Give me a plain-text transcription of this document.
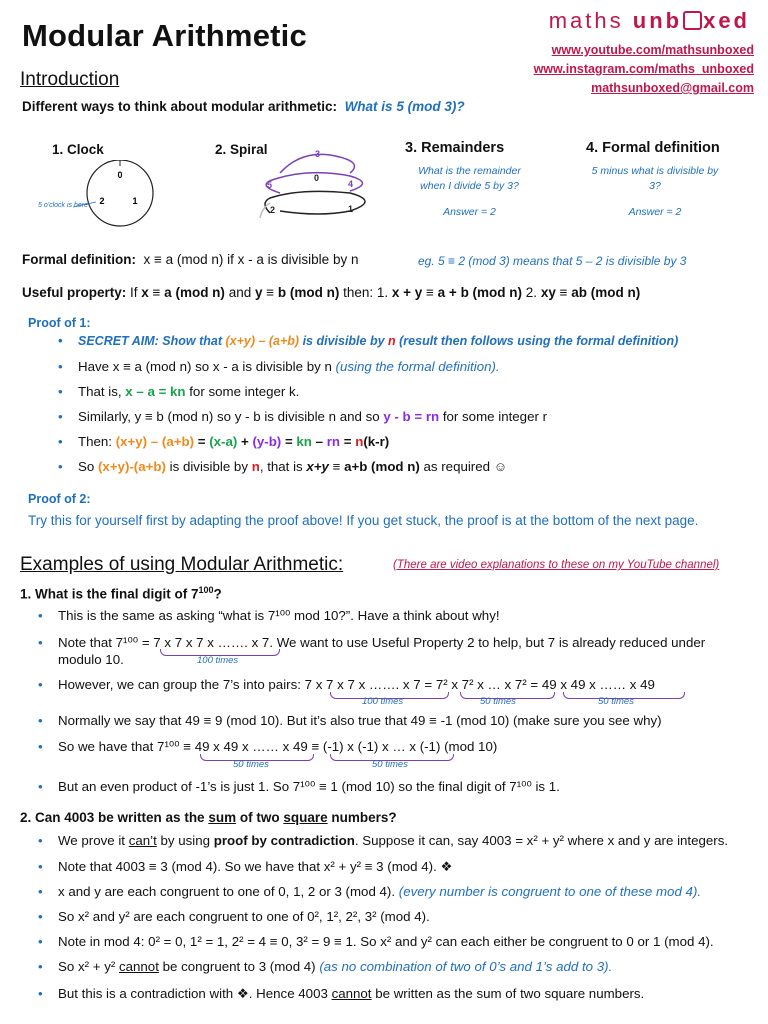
Modular Arithmetic	maths unb xed
www.youtube.com/mathsunboxed
www.instagram.com/maths_unboxed
mathsunboxed@gmail.com
Introduction
Different ways to think about modular arithmetic: What is 5 (mod 3)?
1. Clock	2. Spiral	3. Remainders	4. Formal definition
0
1
2
5 o'clock is here
3
0
5	4
2	1
What is the remainder when I divide 5 by 3?
Answer = 2
5 minus what is divisible by 3?
Answer = 2
Formal definition: x ≡ a (mod n) if x - a is divisible by n	eg. 5 ≡ 2 (mod 3) means that 5 – 2 is divisible by 3
Useful property: If x ≡ a (mod n) and y ≡ b (mod n) then: 1. x + y ≡ a + b (mod n) 2. xy ≡ ab (mod n)
Proof of 1:
• SECRET AIM: Show that (x+y) – (a+b) is divisible by n (result then follows using the formal definition)
• Have x ≡ a (mod n) so x - a is divisible by n (using the formal definition).
• That is, x – a = kn for some integer k.
• Similarly, y ≡ b (mod n) so y - b is divisible n and so y - b = rn for some integer r
• Then: (x+y) – (a+b) = (x-a) + (y-b) = kn – rn = n(k-r)
• So (x+y)-(a+b) is divisible by n, that is x+y ≡ a+b (mod n) as required ☺
Proof of 2:
Try this for yourself first by adapting the proof above! If you get stuck, the proof is at the bottom of the next page.
Examples of using Modular Arithmetic:	(There are video explanations to these on my YouTube channel)
1. What is the final digit of $7^{100}$?
• This is the same as asking “what is 7¹⁰⁰ mod 10?”. Have a think about why!
• Note that 7¹⁰⁰ = 7 x 7 x 7 x ……. x 7. We want to use Useful Property 2 to help, but 7 is already reduced under
modulo 10.
• However, we can group the 7’s into pairs: 7 x 7 x 7 x ……. x 7 = 7² x 7² x … x 7² = 49 x 49 x …… x 49
• Normally we say that 49 ≡ 9 (mod 10). But it’s also true that 49 ≡ -1 (mod 10) (make sure you see why)
• So we have that 7¹⁰⁰ ≡ 49 x 49 x …… x 49 ≡ (-1) x (-1) x … x (-1) (mod 10)
• But an even product of -1’s is just 1. So 7¹⁰⁰ ≡ 1 (mod 10) so the final digit of 7¹⁰⁰ is 1.
100 times
100 times	50 times	50 times
50 times	50 times
2. Can 4003 be written as the sum of two square numbers?
• We prove it can’t by using proof by contradiction. Suppose it can, say 4003 = x² + y² where x and y are integers.
• Note that 4003 ≡ 3 (mod 4). So we have that x² + y² ≡ 3 (mod 4). ❖
• x and y are each congruent to one of 0, 1, 2 or 3 (mod 4). (every number is congruent to one of these mod 4).
• So x² and y² are each congruent to one of 0², 1², 2², 3² (mod 4).
• Note in mod 4: 0² = 0, 1² = 1, 2² = 4 ≡ 0, 3² = 9 ≡ 1. So x² and y² can each either be congruent to 0 or 1 (mod 4).
• So x² + y² cannot be congruent to 3 (mod 4) (as no combination of two of 0’s and 1’s add to 3).
• But this is a contradiction with ❖. Hence 4003 cannot be written as the sum of two square numbers.
